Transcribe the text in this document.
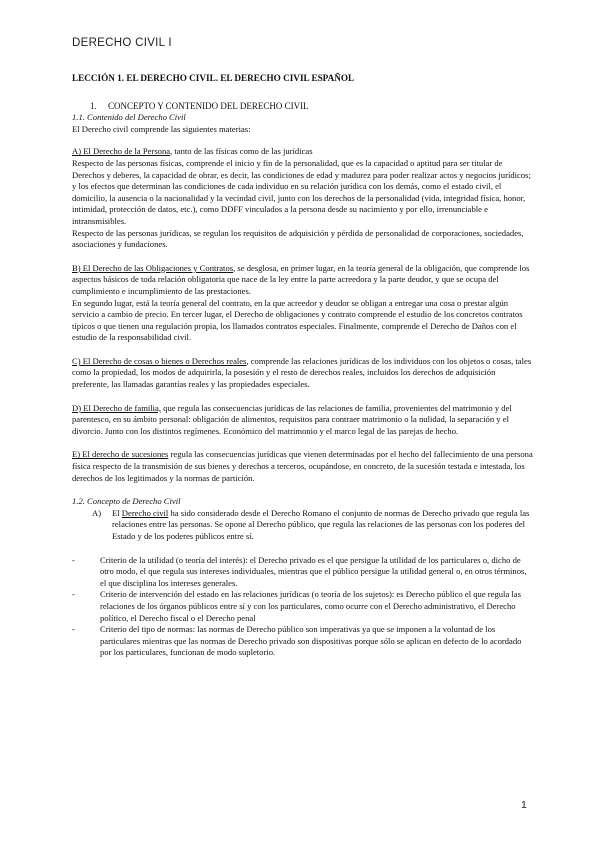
DERECHO CIVIL I

LECCIÓN 1. EL DERECHO CIVIL. EL DERECHO CIVIL ESPAÑOL

1. CONCEPTO Y CONTENIDO DEL DERECHO CIVIL

1.1. Contenido del Derecho Civil

El Derecho civil comprende las siguientes materias:

A) El Derecho de la Persona, tanto de las físicas como de las jurídicas

Respecto de las personas físicas, comprende el inicio y fin de la personalidad, que es la capacidad o aptitud para ser titular de Derechos y deberes, la capacidad de obrar, es decir, las condiciones de edad y madurez para poder realizar actos y negocios jurídicos; y los efectos que determinan las condiciones de cada individuo en su relación jurídica con los demás, como el estado civil, el domicilio, la ausencia o la nacionalidad y la vecindad civil, junto con los derechos de la personalidad (vida, integridad física, honor, intimidad, protección de datos, etc.), como DDFF vinculados a la persona desde su nacimiento y por ello, irrenunciable e intransmisibles.

Respecto de las personas jurídicas, se regulan los requisitos de adquisición y pérdida de personalidad de corporaciones, sociedades, asociaciones y fundaciones.

B) El Derecho de las Obligaciones y Contratos, se desglosa, en primer lugar, en la teoría general de la obligación, que comprende los aspectos básicos de toda relación obligatoria que nace de la ley entre la parte acreedora y la parte deudor, y que se ocupa del cumplimiento e incumplimiento de las prestaciones.

En segundo lugar, está la teoría general del contrato, en la que acreedor y deudor se obligan a entregar una cosa o prestar algún servicio a cambio de precio. En tercer lugar, el Derecho de obligaciones y contrato comprende el estudio de los concretos contratos típicos o que tienen una regulación propia, los llamados contratos especiales. Finalmente, comprende el Derecho de Daños con el estudio de la responsabilidad civil.

C) El Derecho de cosas o bienes o Derechos reales, comprende las relaciones jurídicas de los individuos con los objetos o cosas, tales como la propiedad, los modos de adquirirla, la posesión y el resto de derechos reales, incluidos los derechos de adquisición preferente, las llamadas garantías reales y las propiedades especiales.

D) El Derecho de familia, que regula las consecuencias jurídicas de las relaciones de familia, provenientes del matrimonio y del parentesco, en su ámbito personal: obligación de alimentos, requisitos para contraer matrimonio o la nulidad, la separación y el divorcio. Junto con los distintos regímenes. Económico del matrimonio y el marco legal de las parejas de hecho.

E) El derecho de sucesiones regula las consecuencias jurídicas que vienen determinadas por el hecho del fallecimiento de una persona física respecto de la transmisión de sus bienes y derechos a terceros, ocupándose, en concreto, de la sucesión testada e intestada, los derechos de los legitimados y la normas de partición.

1.2. Concepto de Derecho Civil

A)	El Derecho civil ha sido considerado desde el Derecho Romano el conjunto de normas de Derecho privado que regula las relaciones entre las personas. Se opone al Derecho público, que regula las relaciones de las personas con los poderes del Estado y de los poderes públicos entre sí.

-	Criterio de la utilidad (o teoría del interés): el Derecho privado es el que persigue la utilidad de los particulares o, dicho de otro modo, el que regula sus intereses individuales, mientras que el público persigue la utilidad general o, en otros términos, el que disciplina los intereses generales.

-	Criterio de intervención del estado en las relaciones jurídicas (o teoría de los sujetos): es Derecho público el que regula las relaciones de los órganos públicos entre sí y con los particulares, como ocurre con el Derecho administrativo, el Derecho político, el Derecho fiscal o el Derecho penal

-	Criterio del tipo de normas: las normas de Derecho público son imperativas ya que se imponen a la voluntad de los particulares mientras que las normas de Derecho privado son dispositivas porque sólo se aplican en defecto de lo acordado por los particulares, funcionan de modo supletorio.

1
